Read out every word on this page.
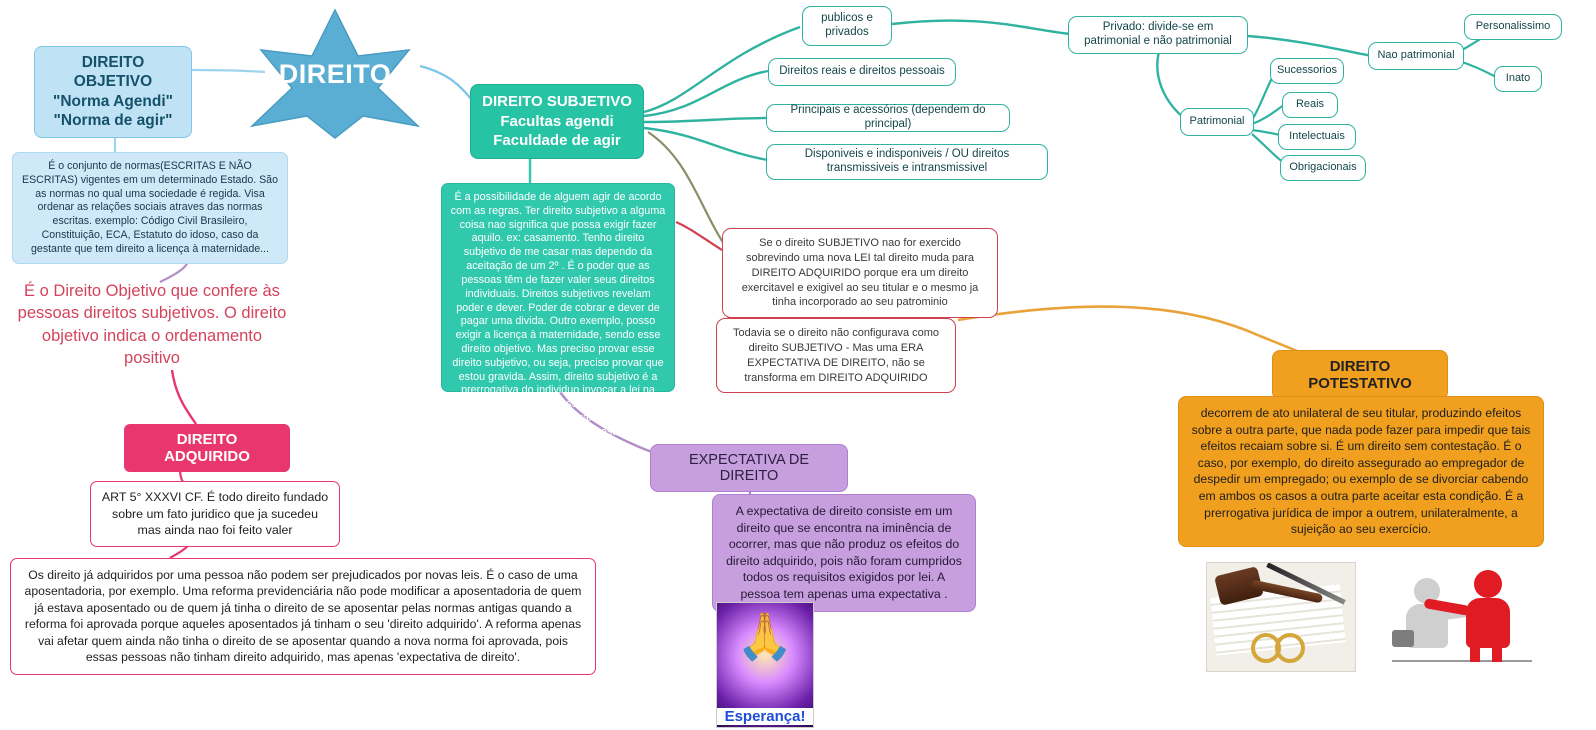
DIREITO
DIREITO OBJETIVO
"Norma Agendi"
"Norma de agir"
É o conjunto de normas(ESCRITAS E NÃO ESCRITAS) vigentes em um determinado Estado. São as normas no qual uma sociedade é regida. Visa ordenar as relações sociais atraves das normas escritas. exemplo: Código Civil Brasileiro, Constituição, ECA, Estatuto do idoso, caso da gestante que tem direito a licença à maternidade...
É o Direito Objetivo que confere às pessoas direitos subjetivos. O direito objetivo indica o ordenamento positivo
DIREITO ADQUIRIDO
ART 5° XXXVI CF. É todo direito fundado sobre um fato juridico que ja sucedeu mas ainda nao foi feito valer
Os direito já adquiridos por uma pessoa não podem ser prejudicados por novas leis. É o caso de uma aposentadoria, por exemplo. Uma reforma previdenciária não pode modificar a aposentadoria de quem já estava aposentado ou de quem já tinha o direito de se aposentar pelas normas antigas quando a reforma foi aprovada porque aqueles aposentados já tinham o seu 'direito adquirido'. A reforma apenas vai afetar quem ainda não tinha o direito de se aposentar quando a nova norma foi aprovada, pois essas pessoas não tinham direito adquirido, mas apenas 'expectativa de direito'.
DIREITO SUBJETIVO
Facultas agendi
Faculdade de agir
É a possibilidade de alguem agir de acordo com as regras. Ter direito subjetivo a alguma coisa nao significa que possa exigir fazer aquilo. ex: casamento. Tenho direito subjetivo de me casar mas dependo da aceitação de um 2º . É o poder que as pessoas têm de fazer valer seus direitos individuais. Direitos subjetivos revelam poder e dever. Poder de cobrar e dever de pagar uma divida. Outro exemplo, posso exigir a licença à maternidade, sendo esse direito objetivo. Mas preciso provar esse direito subjetivo, ou seja, preciso provar que estou gravida. Assim, direito subjetivo é a prerrogativa do individuo invocar a lei na defesa de seu interesse, ou ainda, os direitos subjetivos encontram proteção na norma, do Direito Objetivo. E este que os garante.
publicos e privados
Direitos reais e direitos pessoais
Principais e acessórios (dependem do principal)
Disponiveis e indisponiveis / OU direitos transmissiveis e intransmissivel
Privado: divide-se em patrimonial e não patrimonial
Patrimonial
Nao patrimonial
Sucessorios
Reais
Intelectuais
Obrigacionais
Personalissimo
Inato
Se o direito SUBJETIVO nao for exercido sobrevindo uma nova LEI tal direito muda para DIREITO ADQUIRIDO porque era um direito exercitavel e exigivel ao seu titular e o mesmo ja tinha incorporado ao seu patrominio
Todavia se o direito não configurava como direito SUBJETIVO - Mas uma ERA EXPECTATIVA DE DIREITO, não se transforma em DIREITO ADQUIRIDO
EXPECTATIVA DE DIREITO
A expectativa de direito consiste em um direito que se encontra na iminência de ocorrer, mas que não produz os efeitos do direito adquirido, pois não foram cumpridos todos os requisitos exigidos por lei. A pessoa tem apenas uma expectativa .
DIREITO POTESTATIVO
decorrem de ato unilateral de seu titular, produzindo efeitos sobre a outra parte, que nada pode fazer para impedir que tais efeitos recaiam sobre si. É um direito sem contestação. É o caso, por exemplo, do direito assegurado ao empregador de despedir um empregado; ou exemplo de se divorciar cabendo em ambos os casos a outra parte aceitar esta condição. É a prerrogativa jurídica de impor a outrem, unilateralmente, a sujeição ao seu exercício.
🙏
Esperança!
